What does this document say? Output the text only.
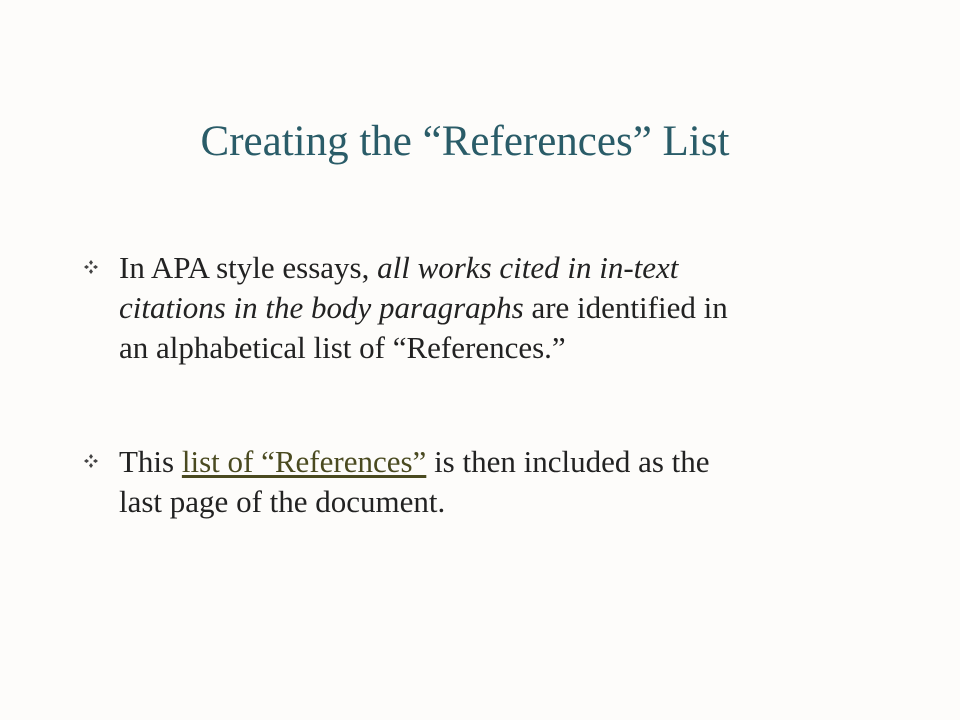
Creating the “References” List
In APA style essays, all works cited in in-text citations in the body paragraphs are identified in an alphabetical list of “References.”
This list of “References” is then included as the last page of the document.
